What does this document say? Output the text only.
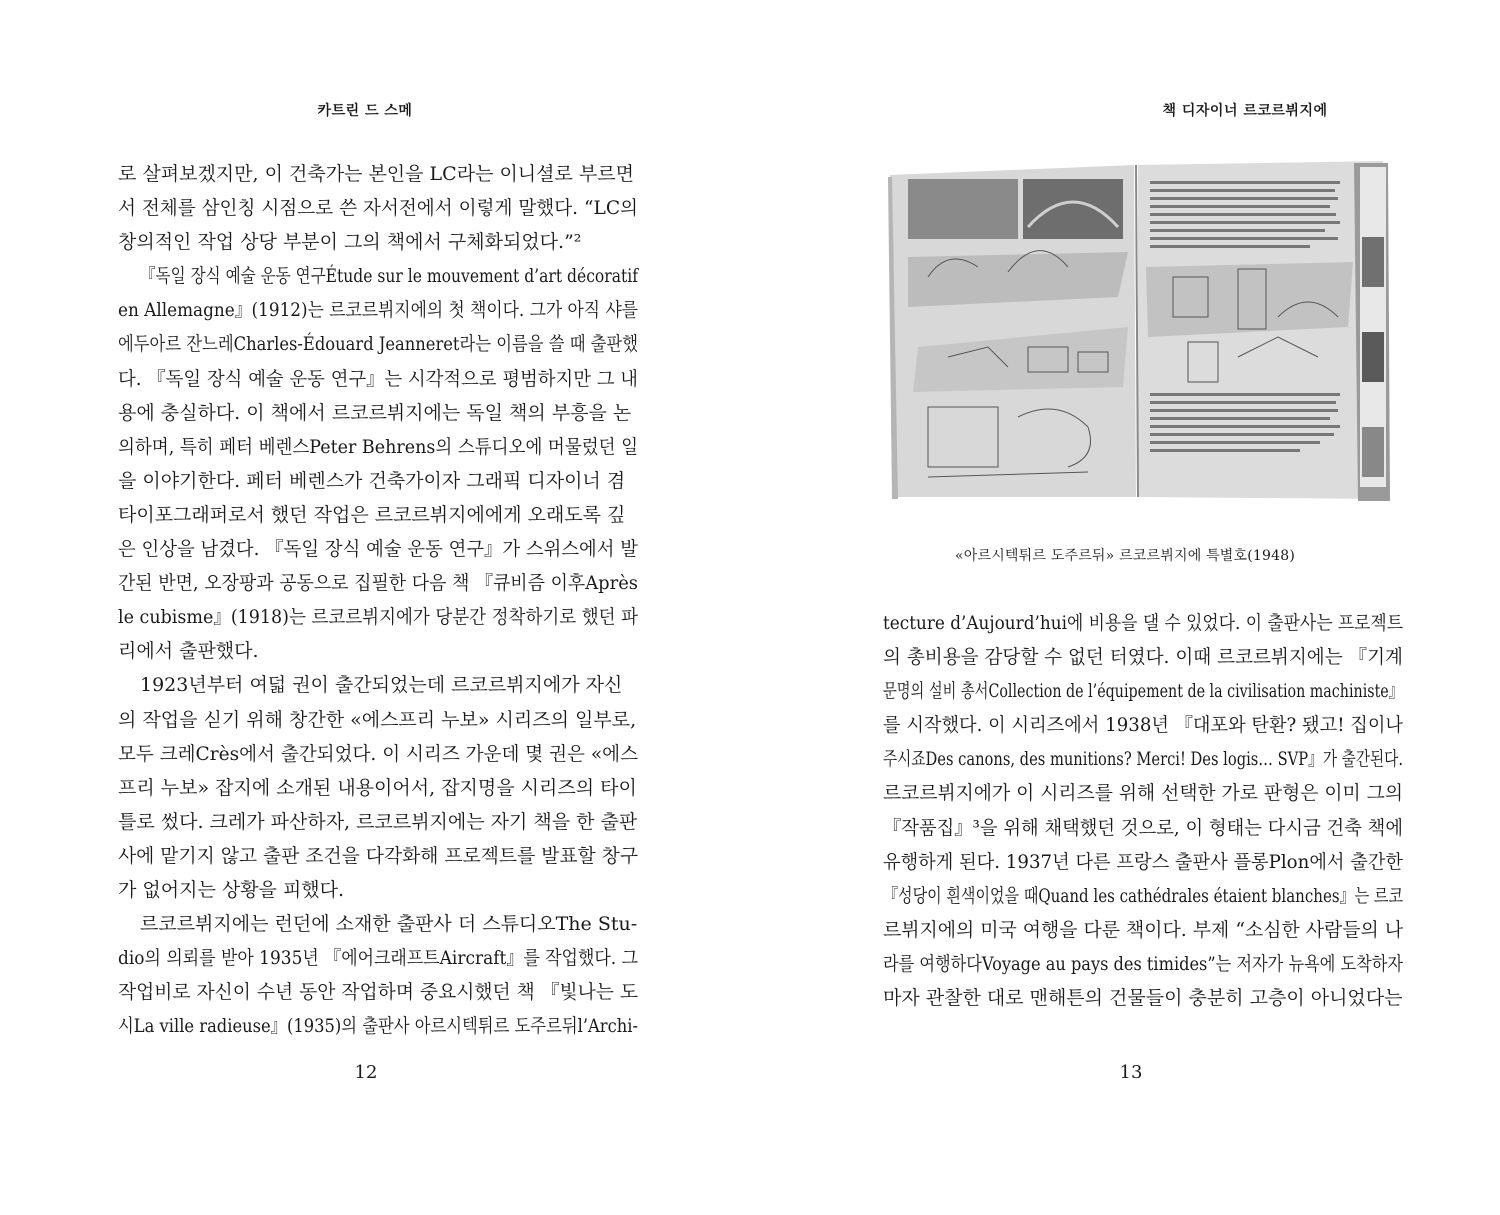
카트린 드 스메
로 살펴보겠지만, 이 건축가는 본인을 LC라는 이니셜로 부르면
서 전체를 삼인칭 시점으로 쓴 자서전에서 이렇게 말했다. “LC의
창의적인 작업 상당 부분이 그의 책에서 구체화되었다.”²
『독일 장식 예술 운동 연구Étude sur le mouvement d’art décoratif
en Allemagne』(1912)는 르코르뷔지에의 첫 책이다. 그가 아직 샤를
에두아르 잔느레Charles-Édouard Jeanneret라는 이름을 쓸 때 출판했
다. 『독일 장식 예술 운동 연구』는 시각적으로 평범하지만 그 내
용에 충실하다. 이 책에서 르코르뷔지에는 독일 책의 부흥을 논
의하며, 특히 페터 베렌스Peter Behrens의 스튜디오에 머물렀던 일
을 이야기한다. 페터 베렌스가 건축가이자 그래픽 디자이너 겸
타이포그래퍼로서 했던 작업은 르코르뷔지에에게 오래도록 깊
은 인상을 남겼다. 『독일 장식 예술 운동 연구』가 스위스에서 발
간된 반면, 오장팡과 공동으로 집필한 다음 책 『큐비즘 이후Après
le cubisme』(1918)는 르코르뷔지에가 당분간 정착하기로 했던 파
리에서 출판했다.
1923년부터 여덟 권이 출간되었는데 르코르뷔지에가 자신
의 작업을 싣기 위해 창간한 «에스프리 누보» 시리즈의 일부로,
모두 크레Crès에서 출간되었다. 이 시리즈 가운데 몇 권은 «에스
프리 누보» 잡지에 소개된 내용이어서, 잡지명을 시리즈의 타이
틀로 썼다. 크레가 파산하자, 르코르뷔지에는 자기 책을 한 출판
사에 맡기지 않고 출판 조건을 다각화해 프로젝트를 발표할 창구
가 없어지는 상황을 피했다.
르코르뷔지에는 런던에 소재한 출판사 더 스튜디오The Stu-
dio의 의뢰를 받아 1935년 『에어크래프트Aircraft』를 작업했다. 그
작업비로 자신이 수년 동안 작업하며 중요시했던 책 『빛나는 도
시La ville radieuse』(1935)의 출판사 아르시텍튀르 도주르뒤l’Archi-
12
책 디자이너 르코르뷔지에
«아르시텍튀르 도주르뒤» 르코르뷔지에 특별호(1948)
tecture d’Aujourd’hui에 비용을 댈 수 있었다. 이 출판사는 프로젝트
의 총비용을 감당할 수 없던 터였다. 이때 르코르뷔지에는 『기계
문명의 설비 총서Collection de l’équipement de la civilisation machiniste』
를 시작했다. 이 시리즈에서 1938년 『대포와 탄환? 됐고! 집이나
주시죠Des canons, des munitions? Merci! Des logis… SVP』가 출간된다.
르코르뷔지에가 이 시리즈를 위해 선택한 가로 판형은 이미 그의
『작품집』³을 위해 채택했던 것으로, 이 형태는 다시금 건축 책에
유행하게 된다. 1937년 다른 프랑스 출판사 플롱Plon에서 출간한
『성당이 흰색이었을 때Quand les cathédrales étaient blanches』는 르코
르뷔지에의 미국 여행을 다룬 책이다. 부제 “소심한 사람들의 나
라를 여행하다Voyage au pays des timides”는 저자가 뉴욕에 도착하자
마자 관찰한 대로 맨해튼의 건물들이 충분히 고층이 아니었다는
13
